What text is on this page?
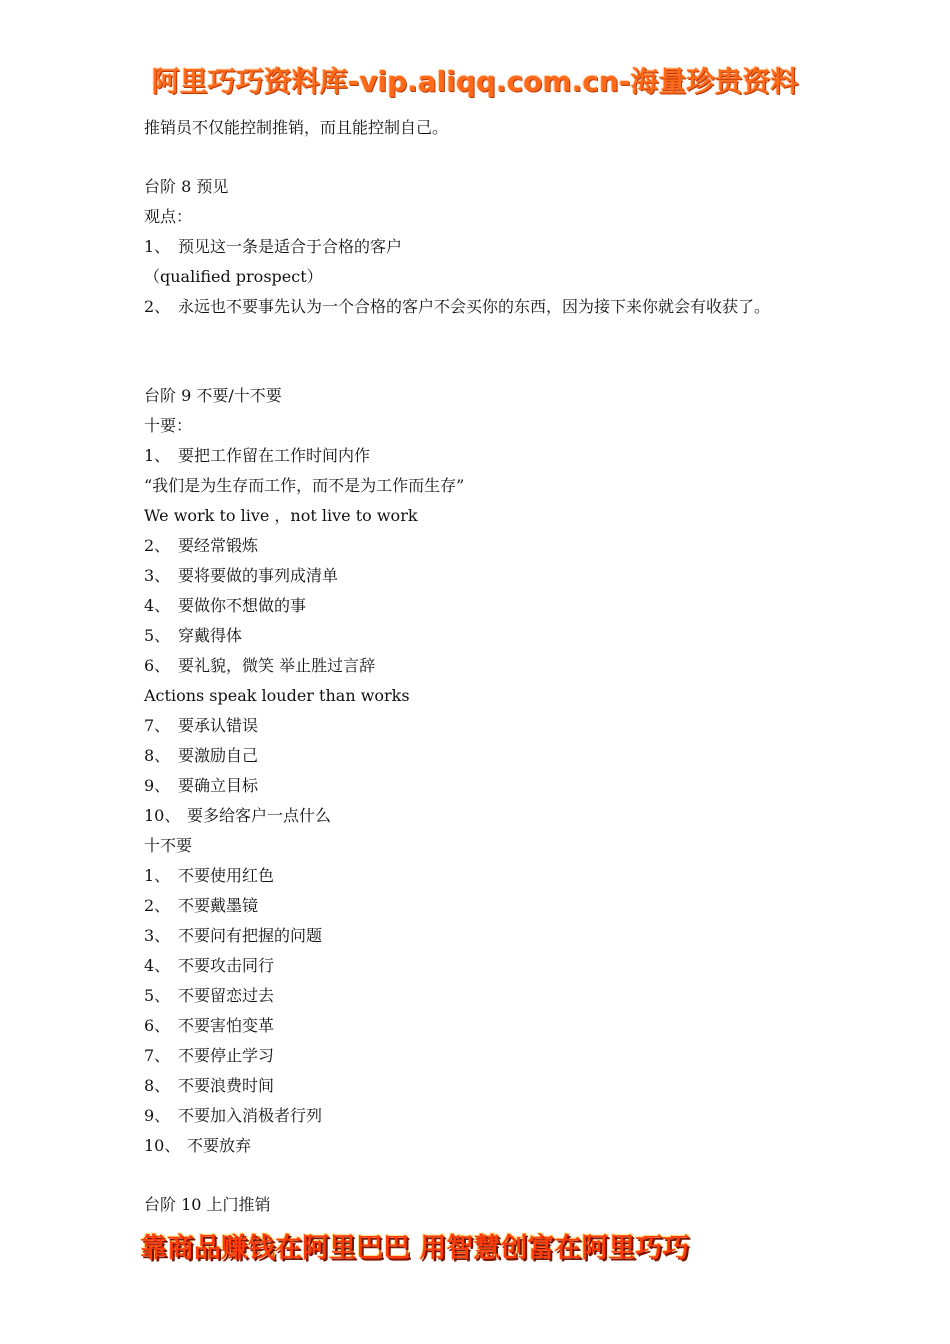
阿里巧巧资料库-vip.aliqq.com.cn-海量珍贵资料
推销员不仅能控制推销，而且能控制自己。
台阶 8 预见
观点：
1、 预见这一条是适合于合格的客户
（qualified prospect）
2、 永远也不要事先认为一个合格的客户不会买你的东西，因为接下来你就会有收获了。
台阶 9 不要/十不要
十要：
1、 要把工作留在工作时间内作
“我们是为生存而工作，而不是为工作而生存”
We work to live ，not live to work
2、 要经常锻炼
3、 要将要做的事列成清单
4、 要做你不想做的事
5、 穿戴得体
6、 要礼貌，微笑 举止胜过言辞
Actions speak louder than works
7、 要承认错误
8、 要激励自己
9、 要确立目标
10、 要多给客户一点什么
十不要
1、 不要使用红色
2、 不要戴墨镜
3、 不要问有把握的问题
4、 不要攻击同行
5、 不要留恋过去
6、 不要害怕变革
7、 不要停止学习
8、 不要浪费时间
9、 不要加入消极者行列
10、 不要放弃
台阶 10 上门推销
靠商品赚钱在阿里巴巴 用智慧创富在阿里巧巧
